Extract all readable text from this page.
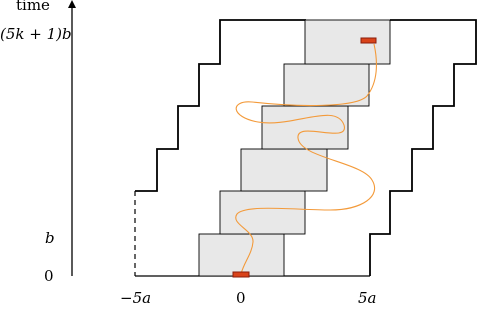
time
(5k + 1)b
b
0
−5a	0	5a
